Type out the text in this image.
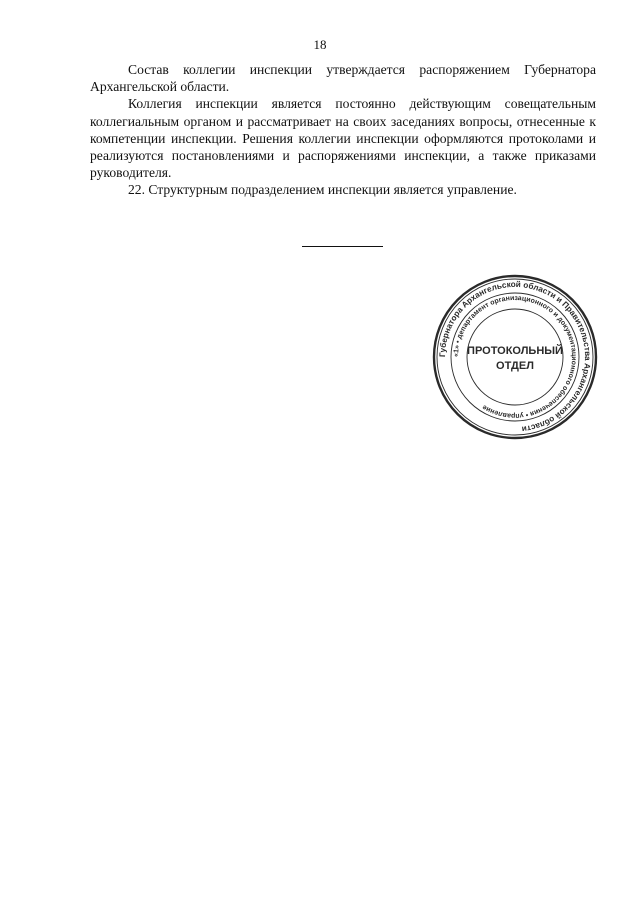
18

Состав коллегии инспекции утверждается распоряжением Губернатора Архангельской области.

Коллегия инспекции является постоянно действующим совещательным коллегиальным органом и рассматривает на своих заседаниях вопросы, отнесенные к компетенции инспекции. Решения коллегии инспекции оформляются протоколами и реализуются постановлениями и распоряжениями инспекции, а также приказами руководителя.

22. Структурным подразделением инспекции является управление.

Губернатора Архангельской области и Правительства Архангельской области
«1» • департамент организационного и документационного обеспечения • управление
ПРОТОКОЛЬНЫЙ
ОТДЕЛ
